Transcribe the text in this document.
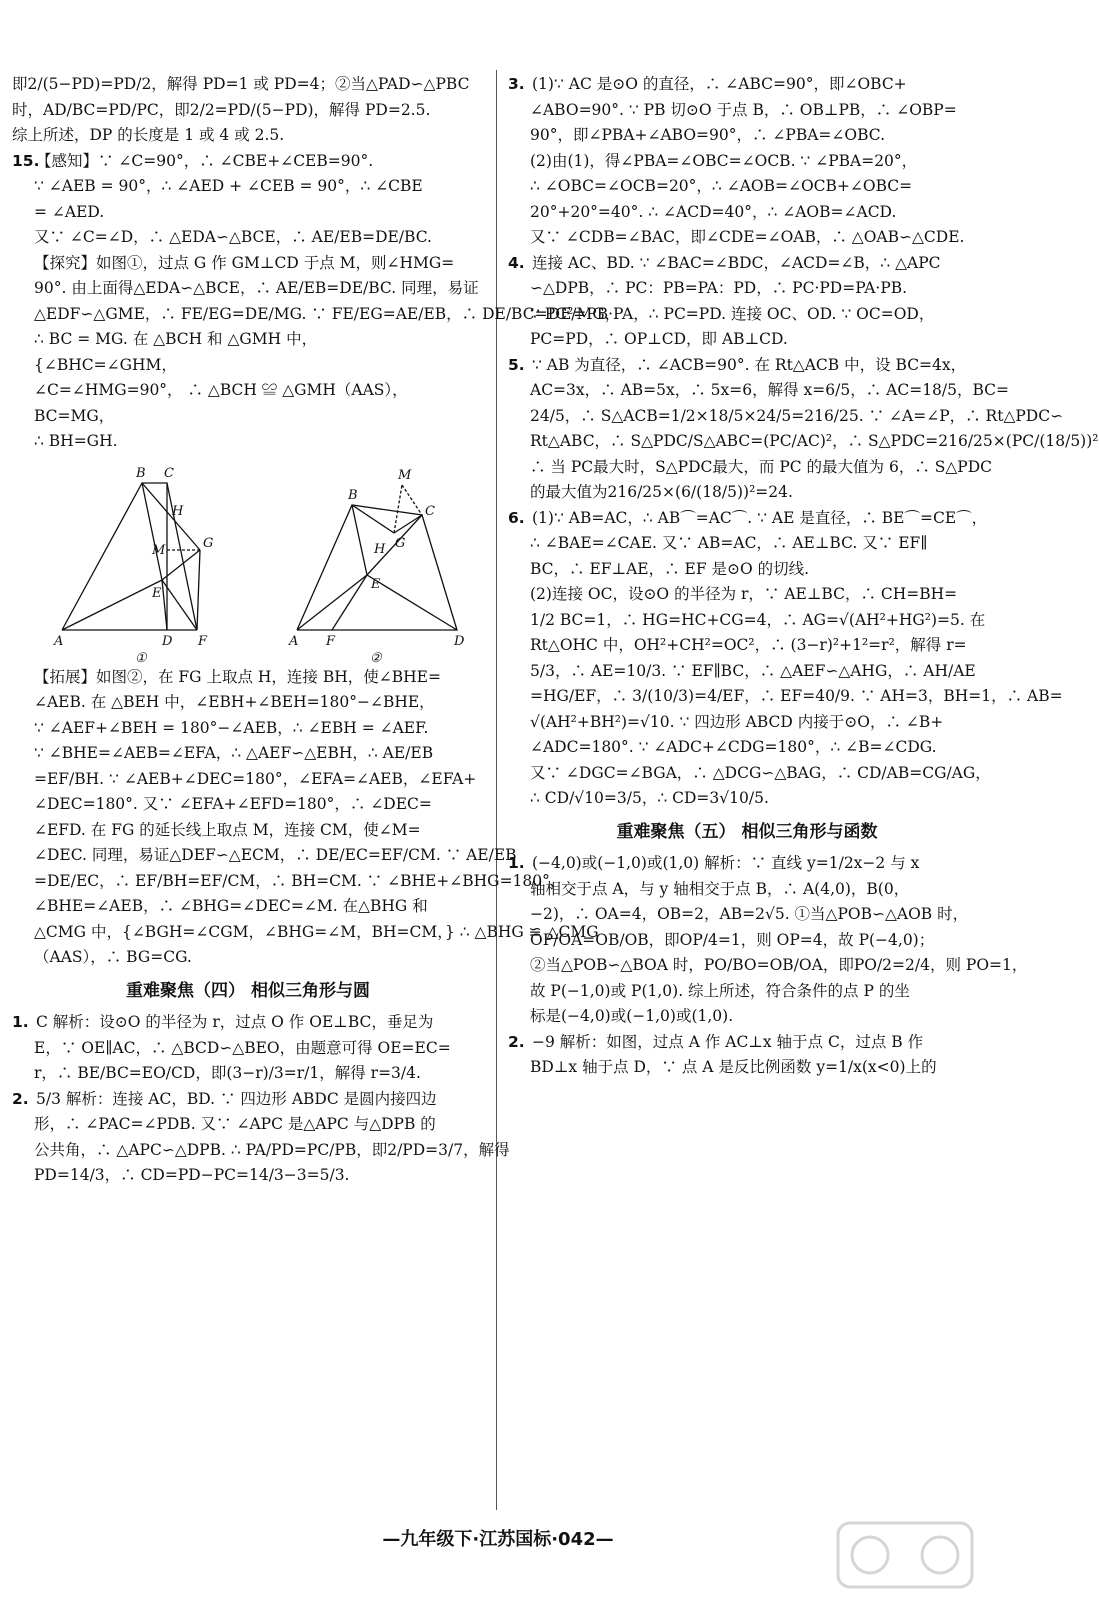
即2/(5−PD)=PD/2，解得 PD=1 或 PD=4；②当△PAD∽△PBC
时，AD/BC=PD/PC，即2/2=PD/(5−PD)，解得 PD=2.5.
综上所述，DP 的长度是 1 或 4 或 2.5.
15.【感知】∵ ∠C=90°，∴ ∠CBE+∠CEB=90°.
∵ ∠AEB = 90°，∴ ∠AED + ∠CEB = 90°，∴ ∠CBE
= ∠AED.
又∵ ∠C=∠D，∴ △EDA∽△BCE，∴ AE/EB=DE/BC.
【探究】如图①，过点 G 作 GM⊥CD 于点 M，则∠HMG=
90°. 由上面得△EDA∽△BCE，∴ AE/EB=DE/BC. 同理，易证
△EDF∽△GME，∴ FE/EG=DE/MG. ∵ FE/EG=AE/EB，∴ DE/BC=DE/MG，
∴ BC = MG. 在 △BCH 和 △GMH 中，
{∠BHC=∠GHM，
∠C=∠HMG=90°， ∴ △BCH ≌ △GMH（AAS），
BC=MG，
∴ BH=GH.
B C
H
M	G
E
A	D F
①
B
M
C
G
H
E
A F	D
②
【拓展】如图②，在 FG 上取点 H，连接 BH，使∠BHE=
∠AEB. 在 △BEH 中，∠EBH+∠BEH=180°−∠BHE，
∵ ∠AEF+∠BEH = 180°−∠AEB，∴ ∠EBH = ∠AEF.
∵ ∠BHE=∠AEB=∠EFA，∴ △AEF∽△EBH，∴ AE/EB
=EF/BH. ∵ ∠AEB+∠DEC=180°，∠EFA=∠AEB，∠EFA+
∠DEC=180°. 又∵ ∠EFA+∠EFD=180°，∴ ∠DEC=
∠EFD. 在 FG 的延长线上取点 M，连接 CM，使∠M=
∠DEC. 同理，易证△DEF∽△ECM，∴ DE/EC=EF/CM. ∵ AE/EB
=DE/EC，∴ EF/BH=EF/CM，∴ BH=CM. ∵ ∠BHE+∠BHG=180°，
∠BHE=∠AEB，∴ ∠BHG=∠DEC=∠M. 在△BHG 和
△CMG 中，{∠BGH=∠CGM，∠BHG=∠M，BH=CM，} ∴ △BHG ≌ △CMG
（AAS），∴ BG=CG.
重难聚焦（四） 相似三角形与圆
1. C 解析：设⊙O 的半径为 r，过点 O 作 OE⊥BC，垂足为
E，∵ OE∥AC，∴ △BCD∽△BEO，由题意可得 OE=EC=
r，∴ BE/BC=EO/CD，即(3−r)/3=r/1，解得 r=3/4.
2. 5/3 解析：连接 AC，BD. ∵ 四边形 ABDC 是圆内接四边
形，∴ ∠PAC=∠PDB. 又∵ ∠APC 是△APC 与△DPB 的
公共角，∴ △APC∽△DPB. ∴ PA/PD=PC/PB，即2/PD=3/7，解得
PD=14/3，∴ CD=PD−PC=14/3−3=5/3.
3. (1)∵ AC 是⊙O 的直径，∴ ∠ABC=90°，即∠OBC+
∠ABO=90°. ∵ PB 切⊙O 于点 B，∴ OB⊥PB，∴ ∠OBP=
90°，即∠PBA+∠ABO=90°，∴ ∠PBA=∠OBC.
(2)由(1)，得∠PBA=∠OBC=∠OCB. ∵ ∠PBA=20°，
∴ ∠OBC=∠OCB=20°，∴ ∠AOB=∠OCB+∠OBC=
20°+20°=40°. ∴ ∠ACD=40°，∴ ∠AOB=∠ACD.
又∵ ∠CDB=∠BAC，即∠CDE=∠OAB，∴ △OAB∽△CDE.
4. 连接 AC、BD. ∵ ∠BAC=∠BDC，∠ACD=∠B，∴ △APC
∽△DPB，∴ PC：PB=PA：PD，∴ PC·PD=PA·PB.
∵ PC²=PB·PA，∴ PC=PD. 连接 OC、OD. ∵ OC=OD，
PC=PD，∴ OP⊥CD，即 AB⊥CD.
5. ∵ AB 为直径，∴ ∠ACB=90°. 在 Rt△ACB 中，设 BC=4x，
AC=3x，∴ AB=5x，∴ 5x=6，解得 x=6/5，∴ AC=18/5，BC=
24/5，∴ S△ACB=1/2×18/5×24/5=216/25. ∵ ∠A=∠P，∴ Rt△PDC∽
Rt△ABC，∴ S△PDC/S△ABC=(PC/AC)²，∴ S△PDC=216/25×(PC/(18/5))²
∴ 当 PC最大时，S△PDC最大，而 PC 的最大值为 6，∴ S△PDC
的最大值为216/25×(6/(18/5))²=24.
6. (1)∵ AB=AC，∴ AB⌒=AC⌒. ∵ AE 是直径，∴ BE⌒=CE⌒，
∴ ∠BAE=∠CAE. 又∵ AB=AC，∴ AE⊥BC. 又∵ EF∥
BC，∴ EF⊥AE，∴ EF 是⊙O 的切线.
(2)连接 OC，设⊙O 的半径为 r，∵ AE⊥BC，∴ CH=BH=
1/2 BC=1，∴ HG=HC+CG=4，∴ AG=√(AH²+HG²)=5. 在
Rt△OHC 中，OH²+CH²=OC²，∴ (3−r)²+1²=r²，解得 r=
5/3，∴ AE=10/3. ∵ EF∥BC，∴ △AEF∽△AHG，∴ AH/AE
=HG/EF，∴ 3/(10/3)=4/EF，∴ EF=40/9. ∵ AH=3，BH=1，∴ AB=
√(AH²+BH²)=√10. ∵ 四边形 ABCD 内接于⊙O，∴ ∠B+
∠ADC=180°. ∵ ∠ADC+∠CDG=180°，∴ ∠B=∠CDG.
又∵ ∠DGC=∠BGA，∴ △DCG∽△BAG，∴ CD/AB=CG/AG，
∴ CD/√10=3/5，∴ CD=3√10/5.
重难聚焦（五） 相似三角形与函数
1. (−4,0)或(−1,0)或(1,0) 解析：∵ 直线 y=1/2x−2 与 x
轴相交于点 A，与 y 轴相交于点 B，∴ A(4,0)，B(0，
−2)，∴ OA=4，OB=2，AB=2√5. ①当△POB∽△AOB 时，
OP/OA=OB/OB，即OP/4=1，则 OP=4，故 P(−4,0)；
②当△POB∽△BOA 时，PO/BO=OB/OA，即PO/2=2/4，则 PO=1，
故 P(−1,0)或 P(1,0). 综上所述，符合条件的点 P 的坐
标是(−4,0)或(−1,0)或(1,0).
2. −9 解析：如图，过点 A 作 AC⊥x 轴于点 C，过点 B 作
BD⊥x 轴于点 D，∵ 点 A 是反比例函数 y=1/x(x<0)上的
—九年级下·江苏国标·042—
